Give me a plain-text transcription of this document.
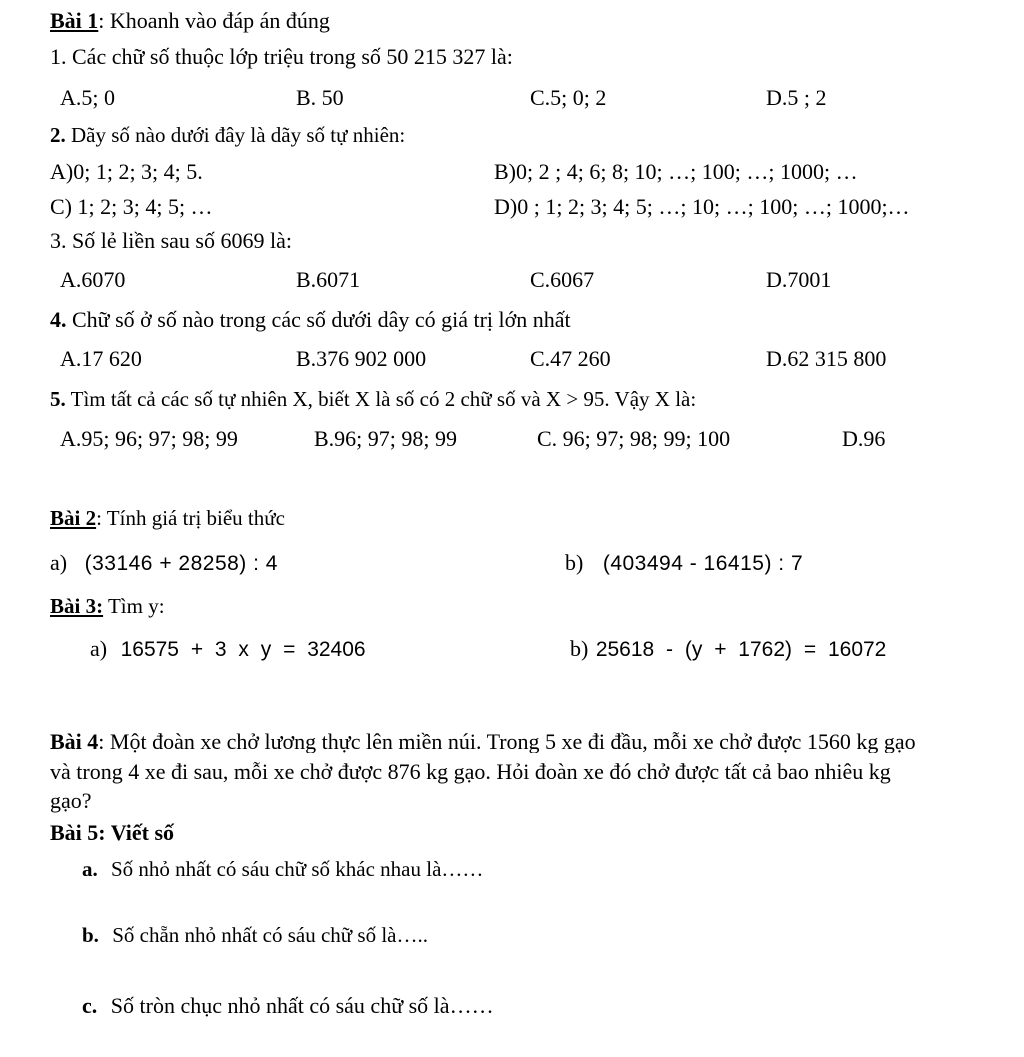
Bài 1: Khoanh vào đáp án đúng
1. Các chữ số thuộc lớp triệu trong số 50 215 327 là:
A.5; 0	B. 50	C.5; 0; 2	D.5 ; 2
2. Dãy số nào dưới đây là dãy số tự nhiên:
A)0; 1; 2; 3; 4; 5.	B)0; 2 ; 4; 6; 8; 10; …; 100; …; 1000; …
C) 1; 2; 3; 4; 5; …	D)0 ; 1; 2; 3; 4; 5; …; 10; …; 100; …; 1000;…
3. Số lẻ liền sau số 6069 là:
A.6070	B.6071	C.6067	D.7001
4. Chữ số ở số nào trong các số dưới dây có giá trị lớn nhất
A.17 620	B.376 902 000	C.47 260	D.62 315 800
5. Tìm tất cả các số tự nhiên X, biết X là số có 2 chữ số và X > 95. Vậy X là:
A.95; 96; 97; 98; 99	B.96; 97; 98; 99	C. 96; 97; 98; 99; 100	D.96
Bài 2: Tính giá trị biểu thức
a) (33146 + 28258) : 4	b) (403494 - 16415) : 7
Bài 3: Tìm y:
a) 16575 + 3 x y = 32406	b) 25618 - (y + 1762) = 16072
Bài 4: Một đoàn xe chở lương thực lên miền núi. Trong 5 xe đi đầu, mỗi xe chở được 1560 kg gạo
và trong 4 xe đi sau, mỗi xe chở được 876 kg gạo. Hỏi đoàn xe đó chở được tất cả bao nhiêu kg
gạo?
Bài 5: Viết số
a. Số nhỏ nhất có sáu chữ số khác nhau là……
b. Số chẵn nhỏ nhất có sáu chữ số là…..
c. Số tròn chục nhỏ nhất có sáu chữ số là……
